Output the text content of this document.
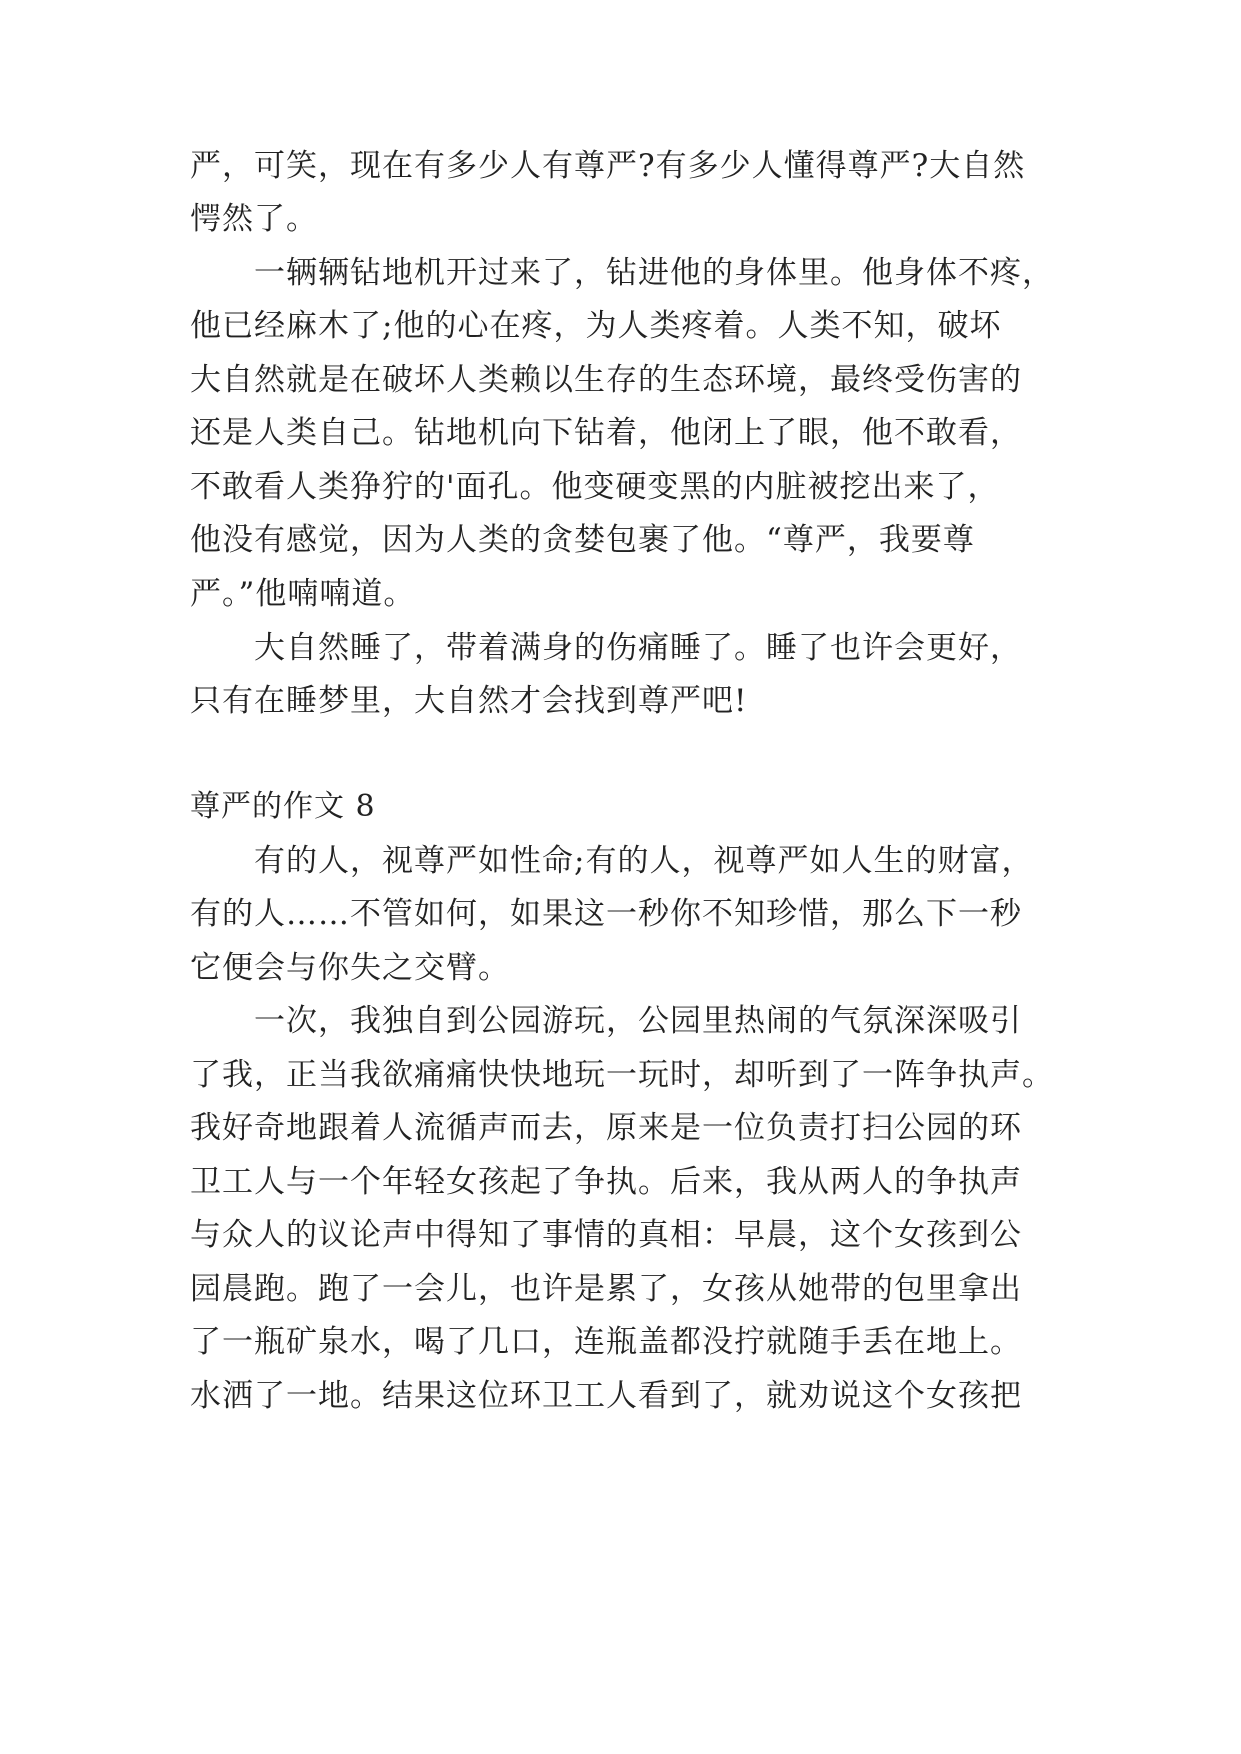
严，可笑，现在有多少人有尊严?有多少人懂得尊严?大自然
愕然了。
一辆辆钻地机开过来了，钻进他的身体里。他身体不疼，
他已经麻木了;他的心在疼，为人类疼着。人类不知，破坏
大自然就是在破坏人类赖以生存的生态环境，最终受伤害的
还是人类自己。钻地机向下钻着，他闭上了眼，他不敢看，
不敢看人类狰狞的'面孔。他变硬变黑的内脏被挖出来了，
他没有感觉，因为人类的贪婪包裹了他。“尊严，我要尊
严。”他喃喃道。
大自然睡了，带着满身的伤痛睡了。睡了也许会更好，
只有在睡梦里，大自然才会找到尊严吧!
尊严的作文 8
有的人，视尊严如性命;有的人，视尊严如人生的财富，
有的人……不管如何，如果这一秒你不知珍惜，那么下一秒
它便会与你失之交臂。
一次，我独自到公园游玩，公园里热闹的气氛深深吸引
了我，正当我欲痛痛快快地玩一玩时，却听到了一阵争执声。
我好奇地跟着人流循声而去，原来是一位负责打扫公园的环
卫工人与一个年轻女孩起了争执。后来，我从两人的争执声
与众人的议论声中得知了事情的真相：早晨，这个女孩到公
园晨跑。跑了一会儿，也许是累了，女孩从她带的包里拿出
了一瓶矿泉水，喝了几口，连瓶盖都没拧就随手丢在地上。
水洒了一地。结果这位环卫工人看到了，就劝说这个女孩把
